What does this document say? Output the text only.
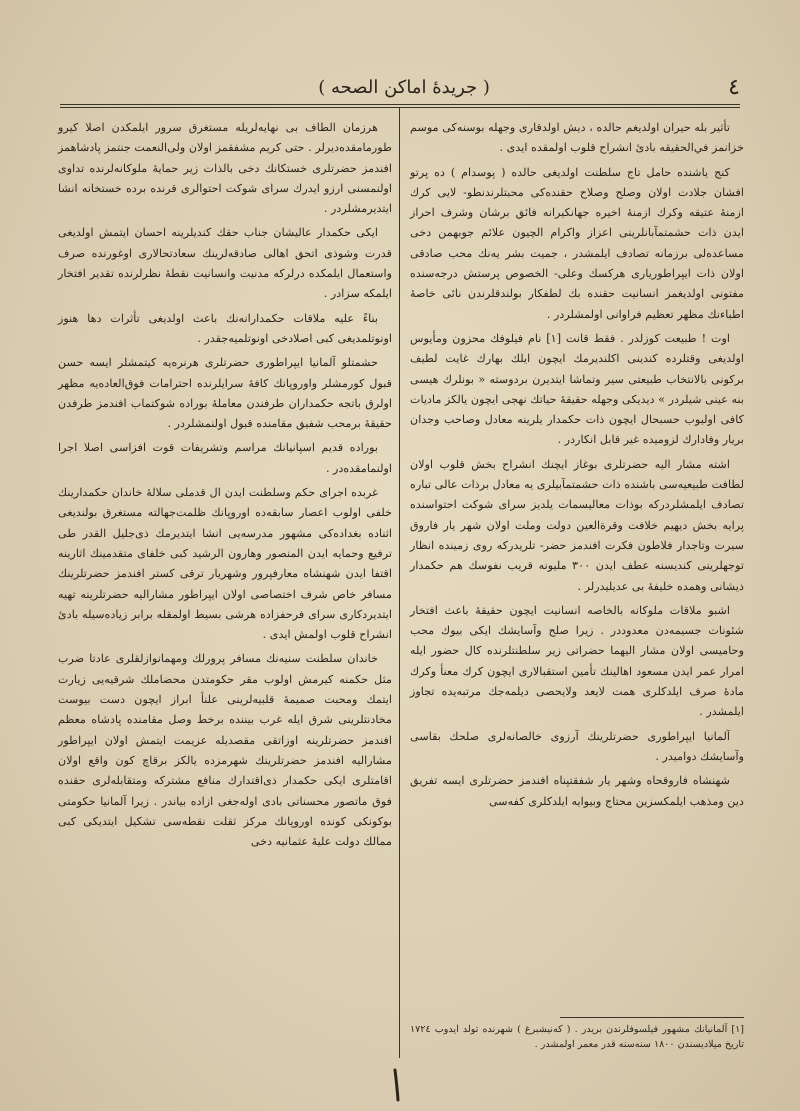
٤
( جریدهٔ اماكن الصحه )

تأثیر بله حیران اولدیغم حالده ، دیش اولدقاری وجهله بوسنه‌كی موسم خزانمز في‌الحقیقه بادئ‌ انشراح قلوب اولمقده ایدی .

كنج یاشنده حامل تاج سلطنت اولدیغی حالده ( پوسدام ) ده پرتو افشان جلادت اولان وصلح وصلاح حقنده‌كی محبتلرندنطو- لایی كرك ازمنهٔ عتیقه وكرك ازمنهٔ اخیره جهانكیرانه فائق برشان وشرف احراز ایدن ذات حشمتمآبانلرینی اعزاز واكرام الچیون علائم جوبهمن دخی مساعده‌لی برزمانه تصادف ایلمشدر ، جمیت بشر یه‌نك محب صادقی اولان ذات ایپراطوریاری هركسك وعلی- الخصوص پرستش درجه‌سنده مفتونی اولدیغمز انسانیت حقنده بك لطفكار بولندقلرندن نائی خاصهٔ اطباءنك مظهر تعظیم فراوانی اولمشلردر .

اوت ! طبیعت كوزلدر . فقط قانت [١] نام فیلوفك محزون ومأیوس اولدیغی وقتلرده كندینی اكلندیرمك ایچون ایلك بهارك غایت لطیف بركونی بالانتخاب طبیعتی سیر وتماشا ایتدیرن بردوسته « بونلرك هیسی بنه عینی شیلردر » دیدیكی وجهله حقیقهٔ حیاتك نهجی ایچون یالكز مادیات كافی اولیوب حسبحال ایچون ذات حكمدار یلرینه معادل وصاحب وجدان بریار وفادارك لزومیده غیر قابل انكاردر .

اشته مشار الیه حضرتلری بوغاز ایچنك انشراح بخش قلوب اولان لطافت طبیعیه‌سی باشنده ذات حشمتمآبیلری یه معادل برذات عالی تباره تصادف ایلمشلردركه بوذات معالیسمات یلدیز سرای شوكت احتواسنده پرایه بخش دیهیم خلافت وقرة‌العین دولت وملت اولان شهر یار فاروق سیرت وتاجدار فلاطون فكرت افندمز حضر- تلریدركه روی زمینده انظار توجهلرینی كندیسنه عطف ایدن ٣٠٠ ملیونه قریب نفوسك هم حكمدار ذیشانی وهمده خلیفهٔ بی عدیلیدرلر .

اشبو ملاقات ملوكانه بالخاصه انسانیت ایچون حقیقهٔ باعث افتخار شئونات جسیمه‌دن معدوددر . زیرا صلح وآسایشك ایكی بیوك محب وحامیسی اولان مشار الیهما حضراتی زیر سلطنتلرنده كال حضور ایله امرار عمر ایدن مسعود اهالینك تأمین استقبالاری ایچون كرك معنأ وكرك مادهٔ صرف ایلدكلری همت لایعد ولایحصی دیلمه‌جك مرتبه‌یده تجاوز ایلمشدر .

آلمانیا ایپراطوری حضرتلرینك آرزوی خالصانه‌لری صلحك بقاسی وآسایشك دوامیدر .

شهنشاه فاروقحاه وشهر یار شفقتپناه افندمز حضرتلری ایسه تفریق دین ومذهب ایلمكسزین محتاج وبیوایه ایلدكلری كفه‌سی

هرزمان الطاف بی نهایه‌لریله مستغرق سرور ایلمكدن اصلا كیرو طورمامقده‌دیرلر . حتی كریم مشفقمز اولان ولی‌النعمت جنتمز پادشاهمز افندمز حضرتلری خستكانك دخی بالذات زیر حمایهٔ ملوكانه‌لرنده تداوی اولنمسنی ارزو ایدرك سرای شوكت احتوالری قرنده برده خستخانه انشا ایتدیرمشلردر .

ایكی حكمدار عالیشان جناب حقك كندیلرینه احسان ایتمش اولدیغی قدرت وشوذی اتحق اهالی‌ صادقه‌لرینك سعادتحالاری اوغورنده صرف واستعمال ایلمكده درلركه مدنیت وانسانیت نقطهٔ نظرلرنده تقدیر افتخار ایلمكه سزادر .

بناءً علیه ملاقات حكمدارانه‌نك باعث اولدیغی تأثرات دها هنوز اونوتلمدیغی كبی اصلادخی اونوتلمیه‌جقدر .

حشمتلو آلمانیا ایپراطوری حضرتلری هرنره‌یه كیتمشلر ایسه حسن قبول كورمشلر واوروپانك كافهٔ سرایلرنده احترامات فوق‌العاده‌یه مظهر اولرق باتجه حكمداران طرفندن معاملهٔ بوراده شوكتماب افندمز طرفدن حقیقهٔ برمحب شفیق مقامنده قبول اولنمشلردر .

بوراده قدیم اسپانیانك مراسم وتشریفات قوت افزاسی اصلا اجرا اولنمامقده‌در .

غربده اجرای حكم وسلطنت ایدن ال قدملی سلالهٔ خاندان حكمدارینك خلفی اولوب اعصار سابقه‌ده اوروپانك ظلمت‌جهالته مستغرق بولندیغی اثناده بغداده‌كی مشهور مدرسه‌یی انشا ایتدیرمك ذی‌جلیل القدر طی ترفیع وحمایه ایدن المنصور وهارون الرشید كبی خلفای متقدمینك اثارینه اقتفا ایدن شهنشاه معارفپرور وشهریار ترقی كستر افندمز حضرتلرینك مسافر خاص شرف اختصاصی اولان ایپراطور مشارالیه حضرتلرینه تهیه ایتدیردكاری سرای فرحفزاده هرشی بسیط اولمقله برابر زیاده‌سیله بادئ‌ انشراح قلوب اولمش ایدی .

خاندان سلطنت سنیه‌نك مسافر پرورلك ومهمانوازلقلری عادتا ضرب مثل حكمنه كیرمش اولوب مقر حكومتدن محضاملك شرقیه‌یی زیارت ایتمك ومحبت صمیمهٔ قلبیه‌لرینی علنأ ابراز ایچون دست بیوست مخادنتلرینی شرق ایله غرب بیننده برخط وصل مقامنده پادشاه معظم افندمز حضرتلرینه اوزاتقی مقصدیله عزیمت ایتمش اولان ایپراطور مشارالیه افندمز حضرتلرینك شهرمزده یالكز برقاچ كون واقع اولان اقامتلری ایكی حكمدار ذی‌اقتدارك منافع مشتركه ومتقابله‌لری حقنده فوق ماتصور محسناتی بادی اوله‌جغی ازاده بیاندر . زیرا آلمانیا حكومتی بوكونكی كونده اوروپانك مركز ثقلت نقطه‌سی تشكیل ایتدیكی كبی ممالك دولت علیهٔ عثمانیه دخی

[١] آلمانیانك مشهور فیلسوفلرندن بریدر . ( كه‌نیشبرغ ) شهرنده تولد ایدوب ١٧٢٤ تاریخ میلادیسندن ١٨٠٠ سنه‌سنه قدر معمر اولمشدر .
